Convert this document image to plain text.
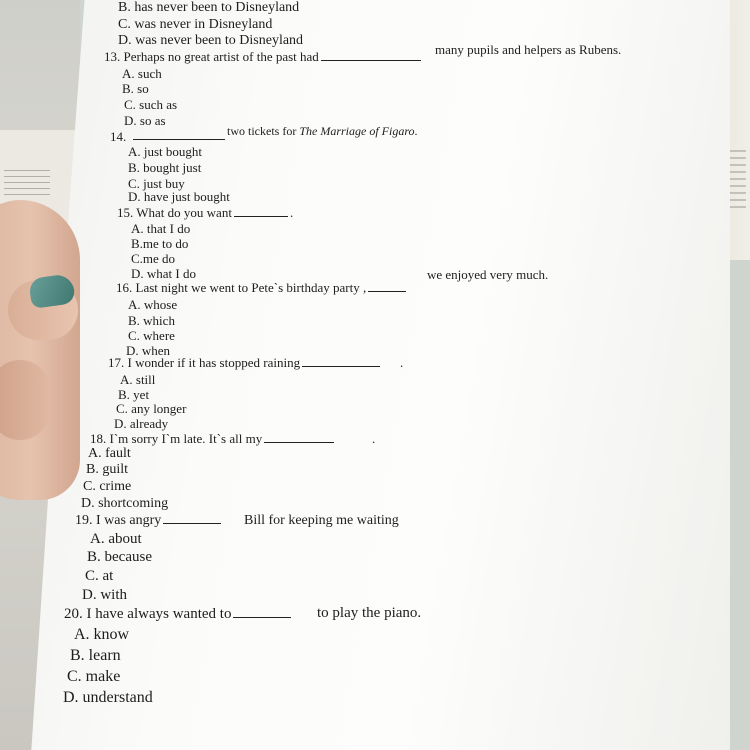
B. has never been to Disneyland
C. was never in Disneyland
D. was never been to Disneyland
13. Perhaps no great artist of the past had	many pupils and helpers as Rubens.
A. such
B. so
C. such as
D. so as
14.	two tickets for The Marriage of Figaro.
A. just bought
B. bought just
C. just buy
D. have just bought
15. What do you want	.
A. that I do
B.me to do
C.me do
D. what I do
16. Last night we went to Pete`s birthday party ,
we enjoyed very much.
A. whose
B. which
C. where
D. when
17. I wonder if it has stopped raining	.
A. still
B. yet
C. any longer
D. already
18. I`m sorry I`m late. It`s all my	.
A. fault
B. guilt
C. crime
D. shortcoming
19. I was angry	Bill for keeping me waiting
A. about
B. because
C. at
D. with
20. I have always wanted to	to play the piano.
A. know
B. learn
C. make
D. understand
